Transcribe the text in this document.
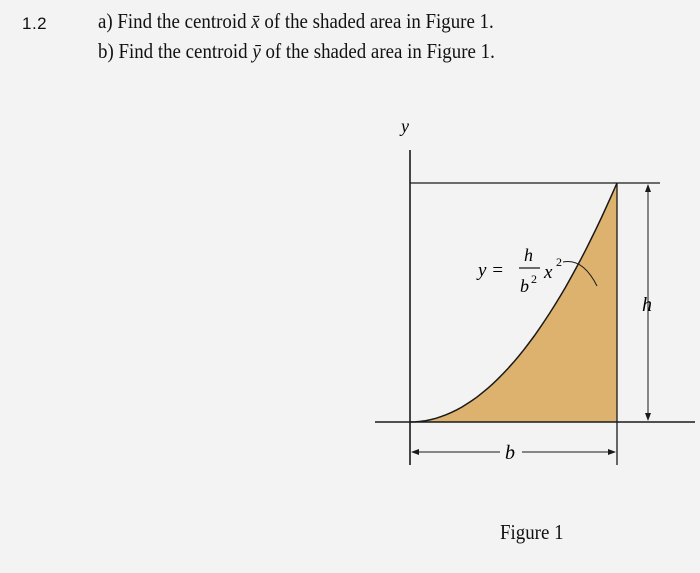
1.2 a) Find the centroid x̄ of the shaded area in Figure 1.
b) Find the centroid ȳ of the shaded area in Figure 1.
y
h
b
y =
h
b 2 x 2
Figure 1
